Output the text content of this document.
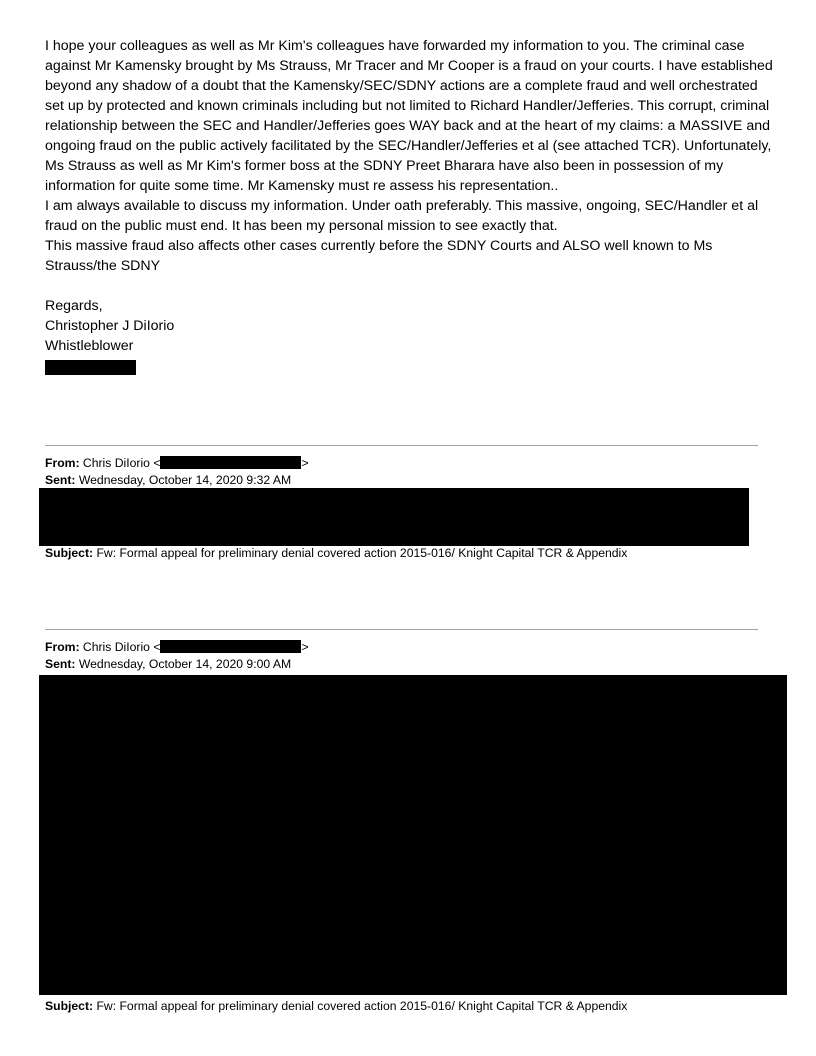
I hope your colleagues as well as Mr Kim's colleagues have forwarded my information to you. The criminal case against Mr Kamensky brought by Ms Strauss, Mr Tracer and Mr Cooper is a fraud on your courts. I have established beyond any shadow of a doubt that the Kamensky/SEC/SDNY actions are a complete fraud and well orchestrated set up by protected and known criminals including but not limited to Richard Handler/Jefferies. This corrupt, criminal relationship between the SEC and Handler/Jefferies goes WAY back and at the heart of my claims: a MASSIVE and ongoing fraud on the public actively facilitated by the SEC/Handler/Jefferies et al (see attached TCR). Unfortunately, Ms Strauss as well as Mr Kim's former boss at the SDNY Preet Bharara have also been in possession of my information for quite some time. Mr Kamensky must re assess his representation..

I am always available to discuss my information. Under oath preferably. This massive, ongoing, SEC/Handler et al fraud on the public must end. It has been my personal mission to see exactly that.

This massive fraud also affects other cases currently before the SDNY Courts and ALSO well known to Ms Strauss/the SDNY

Regards,
Christopher J DiIorio
Whistleblower
From: Chris DiIorio <	>
Sent: Wednesday, October 14, 2020 9:32 AM
Subject: Fw: Formal appeal for preliminary denial covered action 2015-016/ Knight Capital TCR & Appendix
From: Chris DiIorio <	>
Sent: Wednesday, October 14, 2020 9:00 AM
Subject: Fw: Formal appeal for preliminary denial covered action 2015-016/ Knight Capital TCR & Appendix
